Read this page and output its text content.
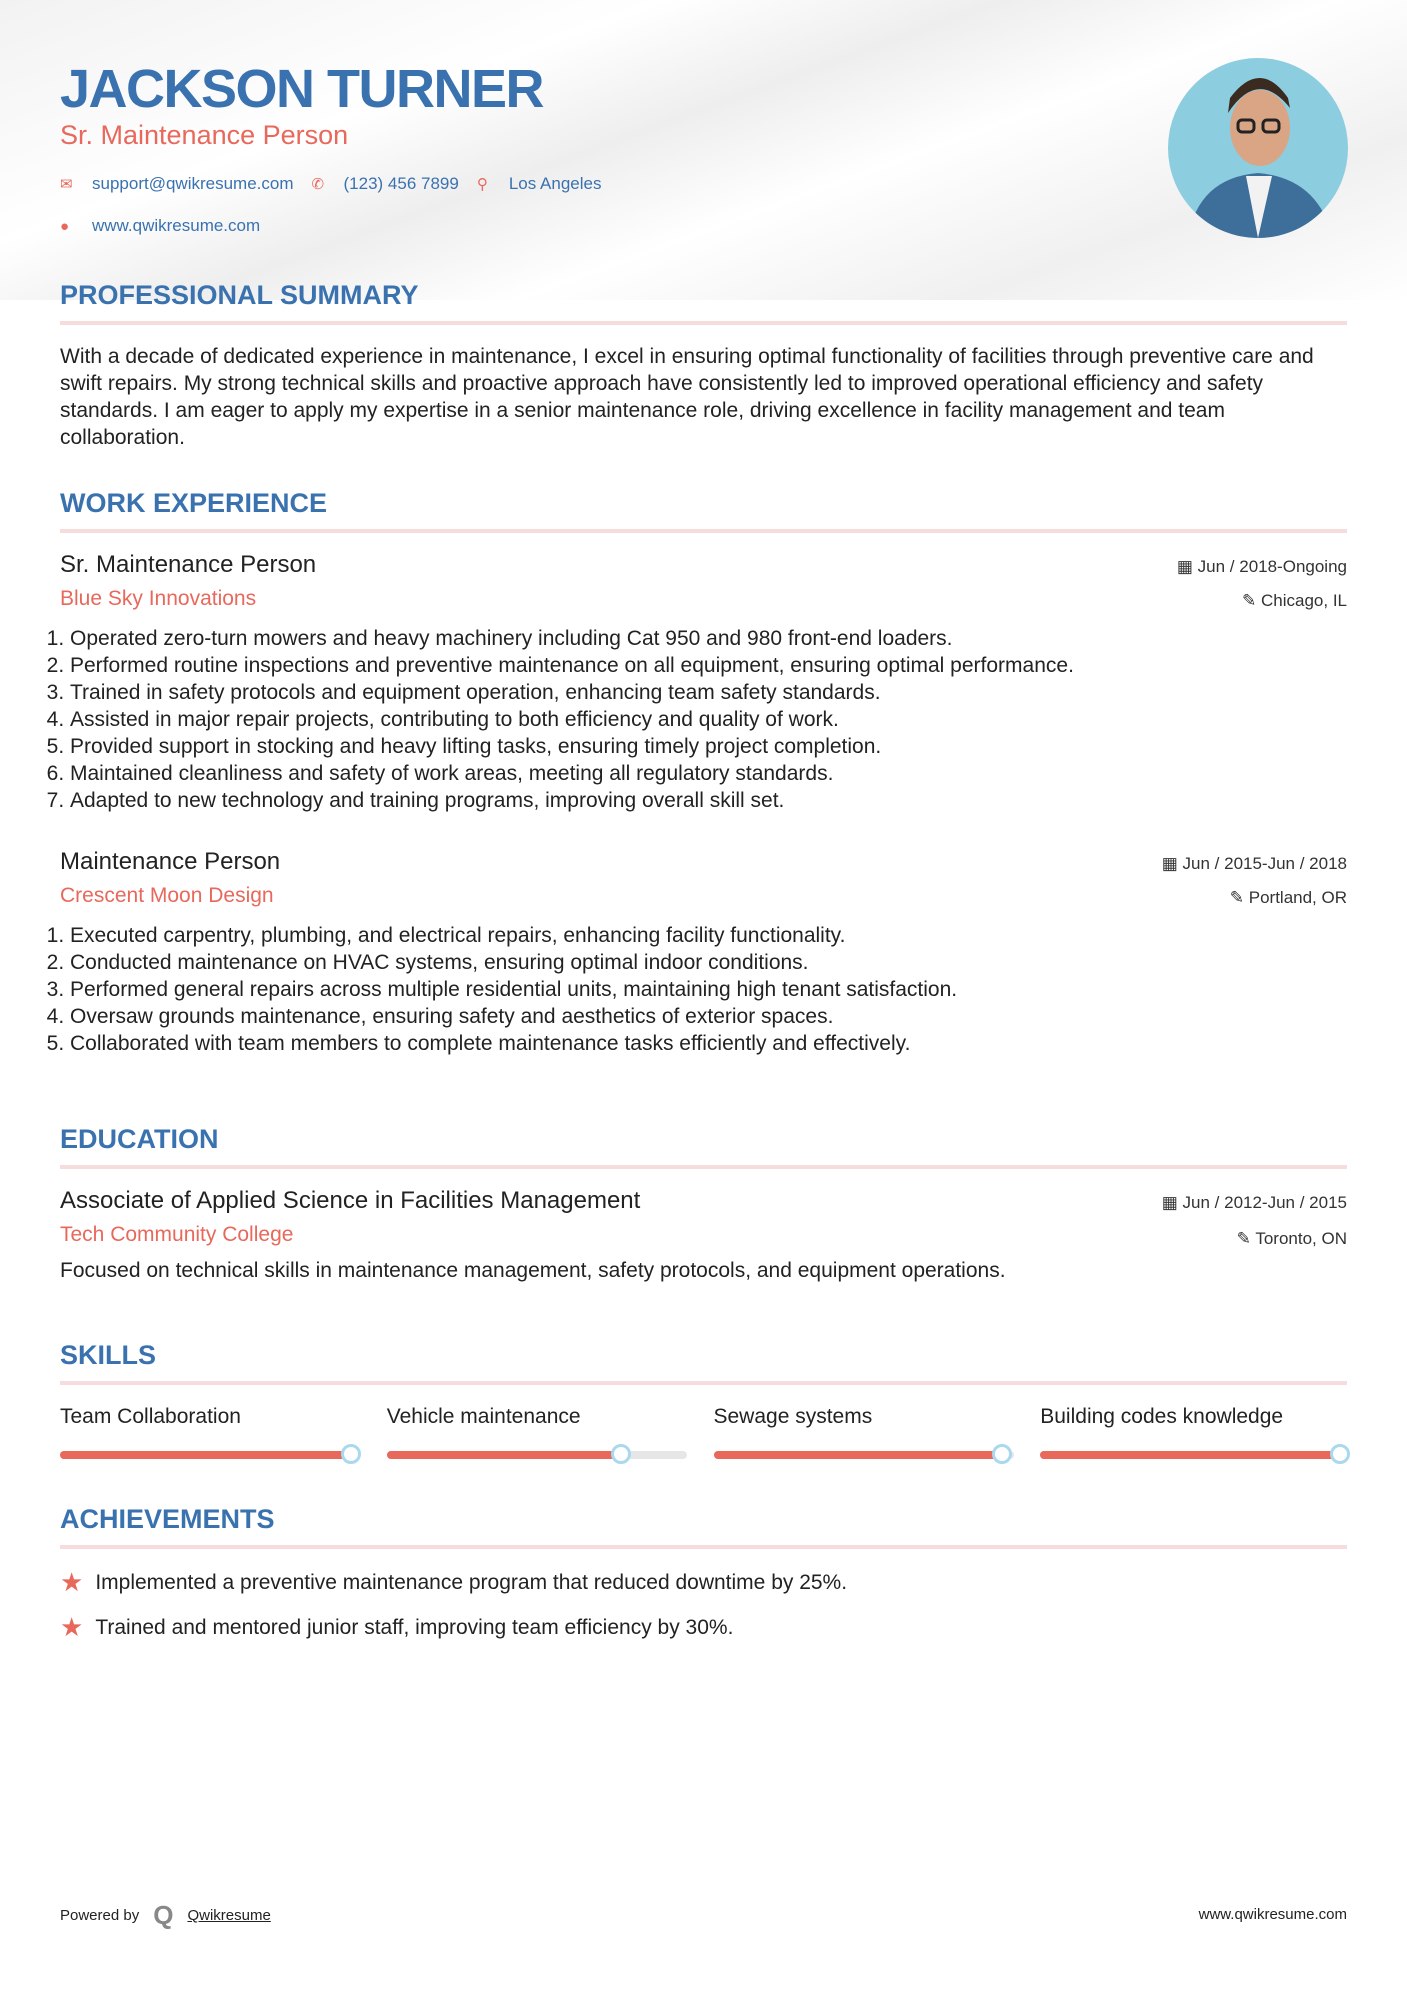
JACKSON TURNER
Sr. Maintenance Person
✉	support@qwikresume.com ✆	(123) 456 7899 ⚲	Los Angeles
●	www.qwikresume.com
PROFESSIONAL SUMMARY
With a decade of dedicated experience in maintenance, I excel in ensuring optimal functionality of facilities through preventive care and swift repairs. My strong technical skills and proactive approach have consistently led to improved operational efficiency and safety standards. I am eager to apply my expertise in a senior maintenance role, driving excellence in facility management and team collaboration.
WORK EXPERIENCE
▦ Jun / 2018-Ongoing
✎ Chicago, IL
Sr. Maintenance Person
Blue Sky Innovations
1. Operated zero-turn mowers and heavy machinery including Cat 950 and 980 front-end loaders.
2. Performed routine inspections and preventive maintenance on all equipment, ensuring optimal performance.
3. Trained in safety protocols and equipment operation, enhancing team safety standards.
4. Assisted in major repair projects, contributing to both efficiency and quality of work.
5. Provided support in stocking and heavy lifting tasks, ensuring timely project completion.
6. Maintained cleanliness and safety of work areas, meeting all regulatory standards.
7. Adapted to new technology and training programs, improving overall skill set.
▦ Jun / 2015-Jun / 2018
✎ Portland, OR
Maintenance Person
Crescent Moon Design
1. Executed carpentry, plumbing, and electrical repairs, enhancing facility functionality.
2. Conducted maintenance on HVAC systems, ensuring optimal indoor conditions.
3. Performed general repairs across multiple residential units, maintaining high tenant satisfaction.
4. Oversaw grounds maintenance, ensuring safety and aesthetics of exterior spaces.
5. Collaborated with team members to complete maintenance tasks efficiently and effectively.
EDUCATION
▦ Jun / 2012-Jun / 2015
✎ Toronto, ON
Associate of Applied Science in Facilities Management
Tech Community College
Focused on technical skills in maintenance management, safety protocols, and equipment operations.
SKILLS
Team Collaboration	Vehicle maintenance	Sewage systems	Building codes knowledge
ACHIEVEMENTS
★ Implemented a preventive maintenance program that reduced downtime by 25%.
★ Trained and mentored junior staff, improving team efficiency by 30%.
Powered by Q Qwikresume	www.qwikresume.com
